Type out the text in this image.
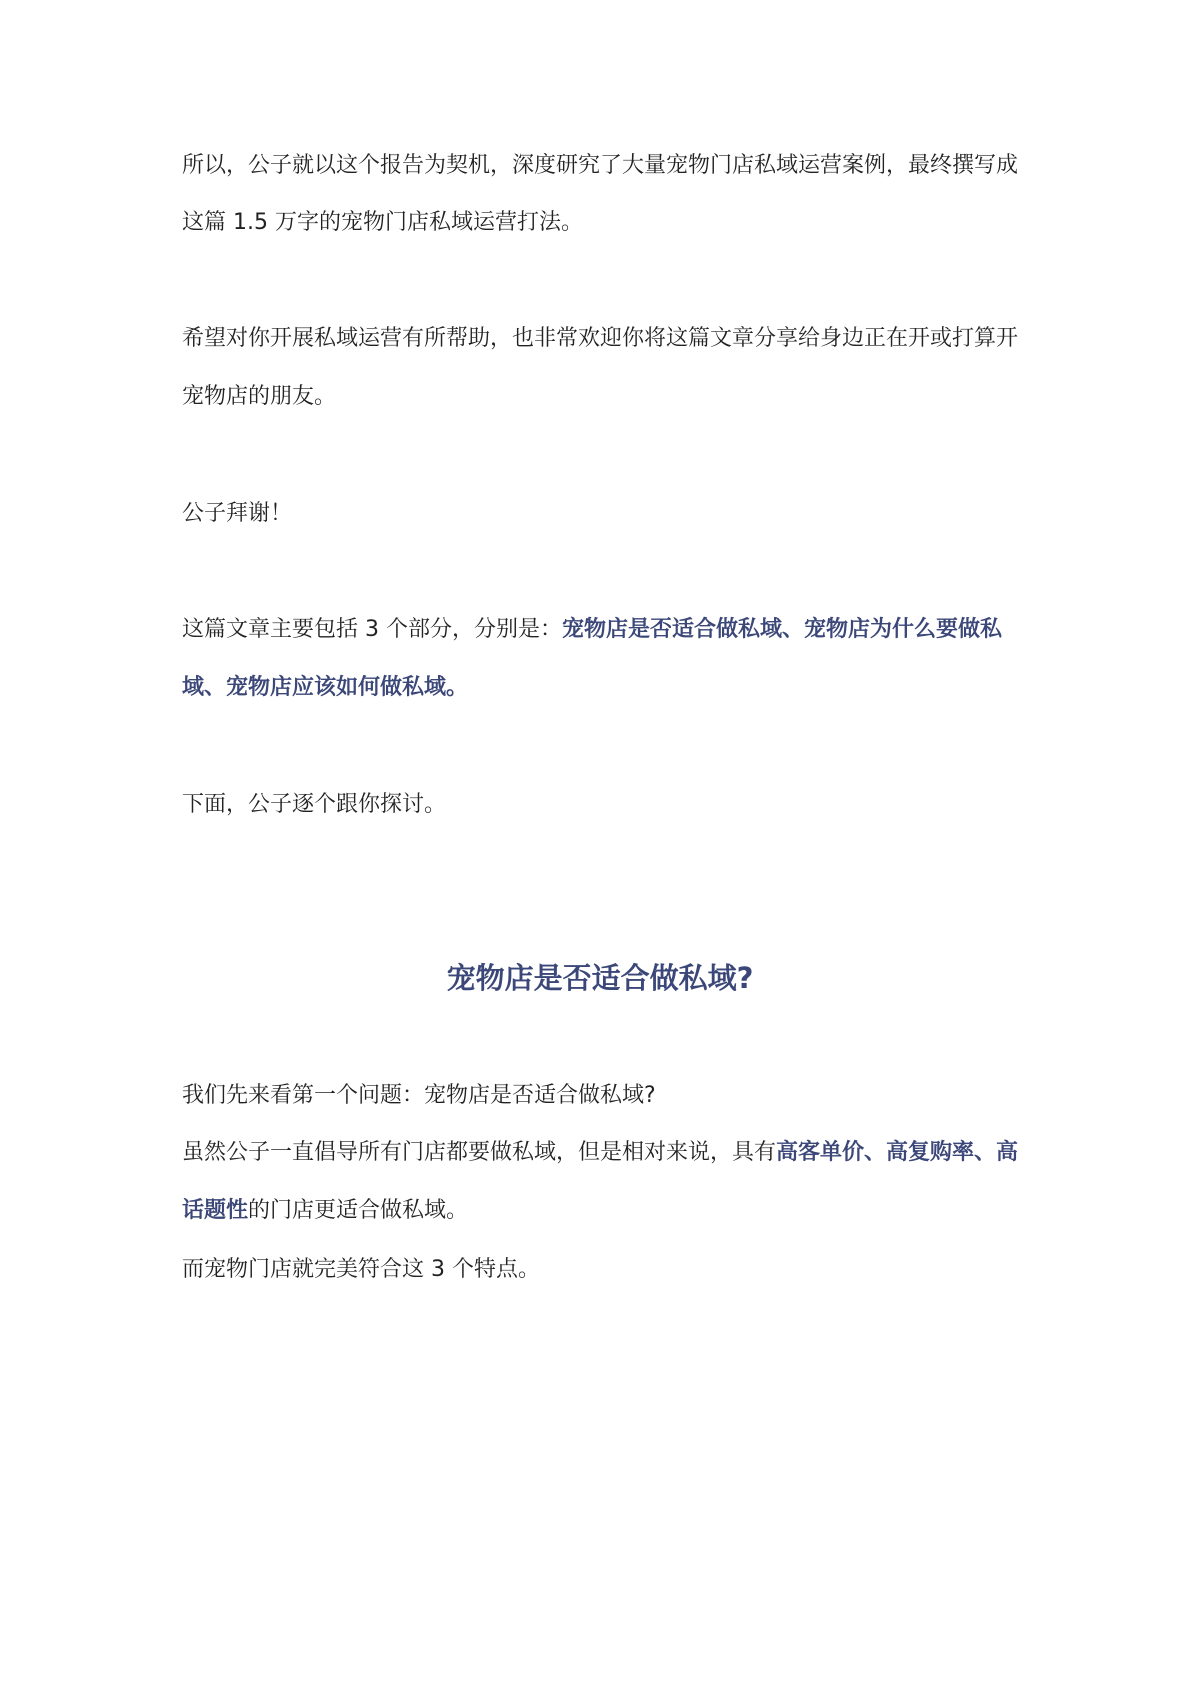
所以，公子就以这个报告为契机，深度研究了大量宠物门店私域运营案例，最终撰写成
这篇 1.5 万字的宠物门店私域运营打法。
希望对你开展私域运营有所帮助，也非常欢迎你将这篇文章分享给身边正在开或打算开
宠物店的朋友。
公子拜谢！
这篇文章主要包括 3 个部分，分别是：宠物店是否适合做私域、宠物店为什么要做私
域、宠物店应该如何做私域。
下面，公子逐个跟你探讨。
宠物店是否适合做私域?
我们先来看第一个问题：宠物店是否适合做私域?
虽然公子一直倡导所有门店都要做私域，但是相对来说，具有高客单价、高复购率、高
话题性的门店更适合做私域。
而宠物门店就完美符合这 3 个特点。
